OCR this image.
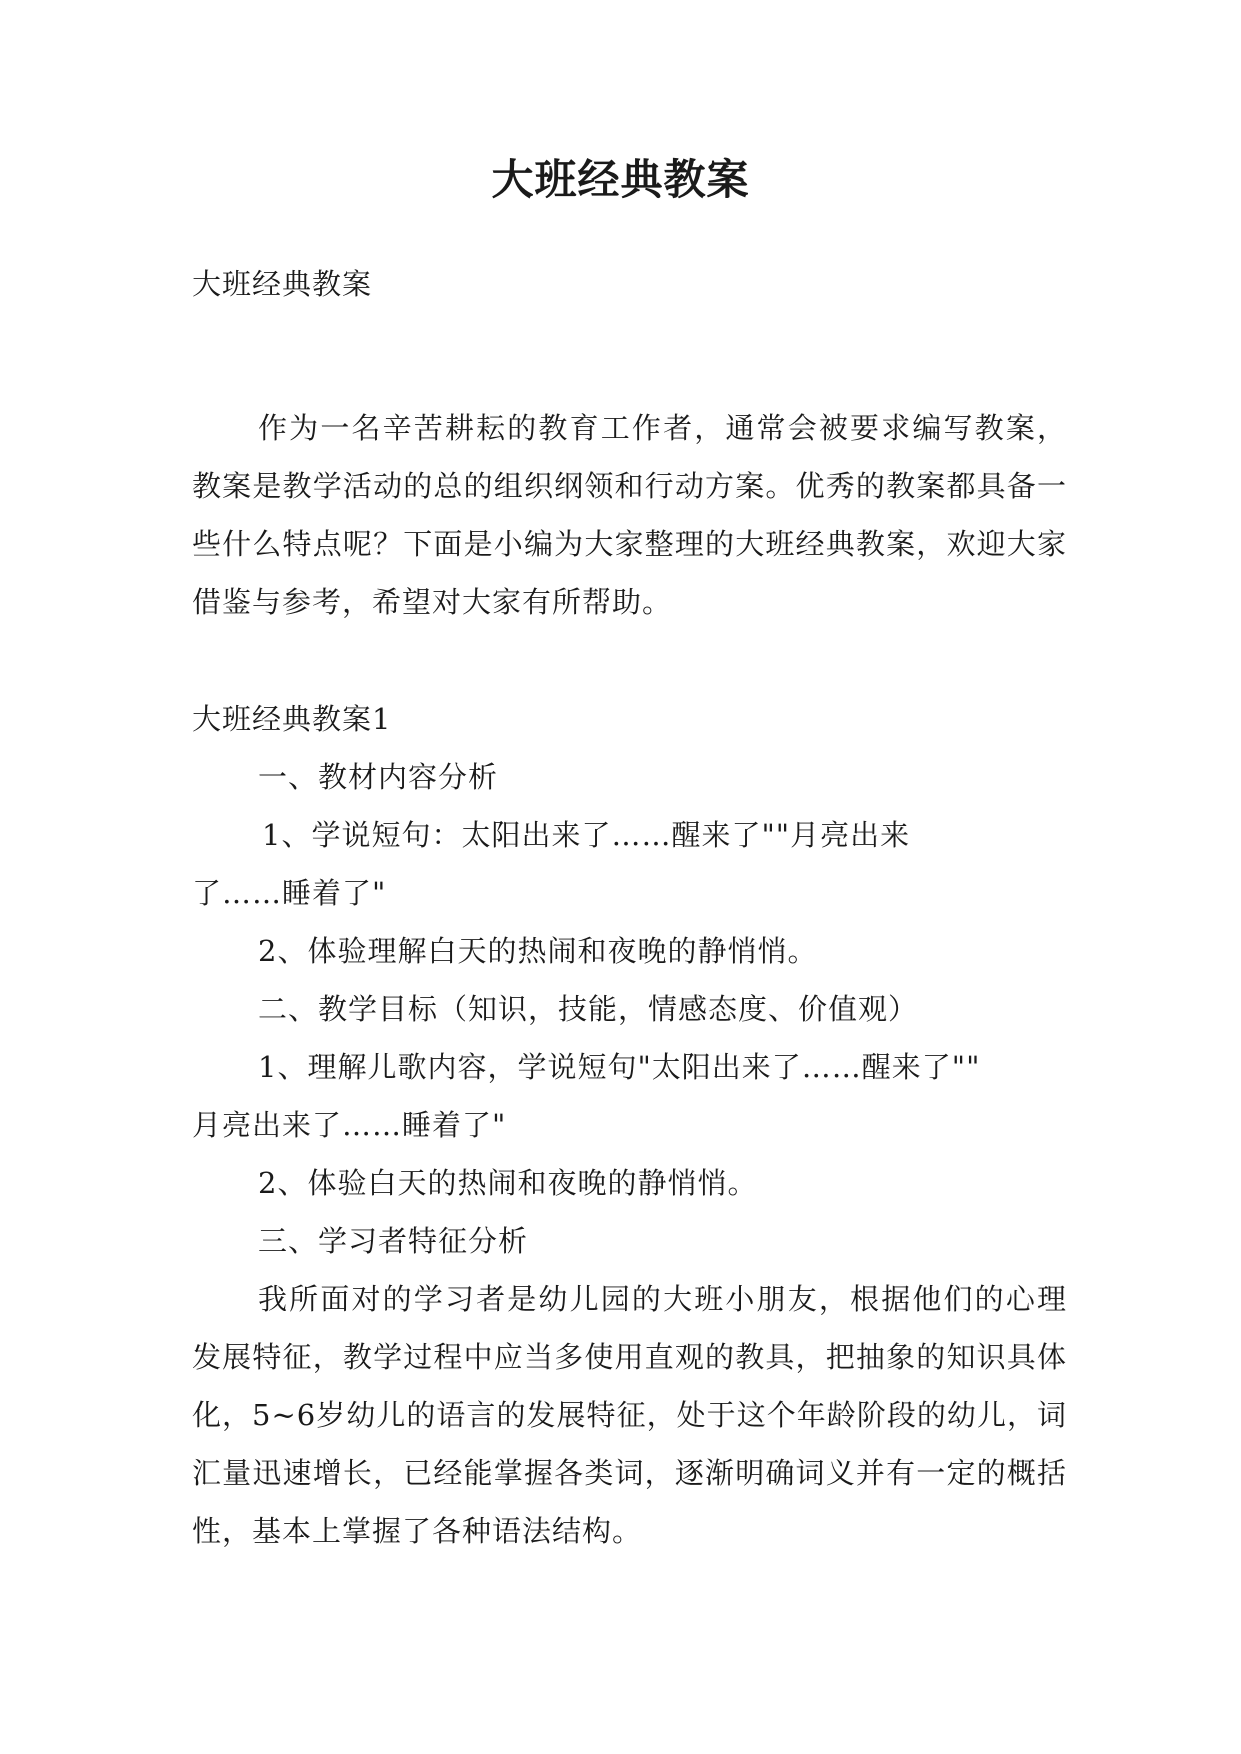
大班经典教案

大班经典教案

作为一名辛苦耕耘的教育工作者，通常会被要求编写教案，教案是教学活动的总的组织纲领和行动方案。优秀的教案都具备一些什么特点呢？下面是小编为大家整理的大班经典教案，欢迎大家借鉴与参考，希望对大家有所帮助。

大班经典教案1

一、教材内容分析

1、学说短句：太阳出来了……醒来了""月亮出来

了……睡着了"

2、体验理解白天的热闹和夜晚的静悄悄。

二、教学目标（知识，技能，情感态度、价值观）

1、理解儿歌内容，学说短句"太阳出来了……醒来了""

月亮出来了……睡着了"

2、体验白天的热闹和夜晚的静悄悄。

三、学习者特征分析

我所面对的学习者是幼儿园的大班小朋友，根据他们的心理发展特征，教学过程中应当多使用直观的教具，把抽象的知识具体化，5~6岁幼儿的语言的发展特征，处于这个年龄阶段的幼儿，词汇量迅速增长，已经能掌握各类词，逐渐明确词义并有一定的概括性，基本上掌握了各种语法结构。
